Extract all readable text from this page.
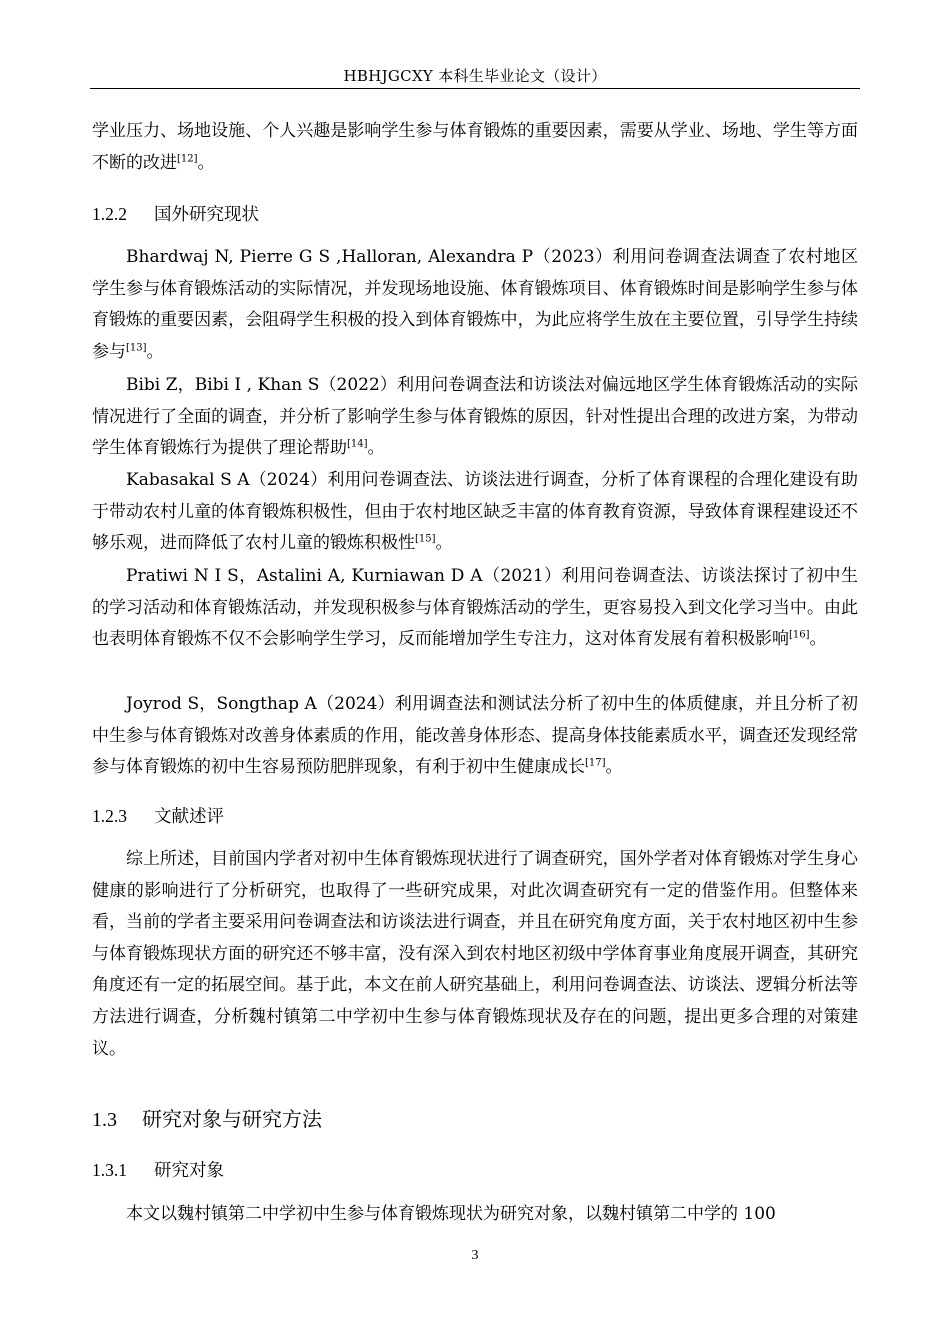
HBHJGCXY 本科生毕业论文（设计）
学业压力、场地设施、个人兴趣是影响学生参与体育锻炼的重要因素，需要从学业、场地、学生等方面不断的改进[12]。
1.2.2 国外研究现状
Bhardwaj N, Pierre G S ,Halloran, Alexandra P（2023）利用问卷调查法调查了农村地区学生参与体育锻炼活动的实际情况，并发现场地设施、体育锻炼项目、体育锻炼时间是影响学生参与体育锻炼的重要因素，会阻碍学生积极的投入到体育锻炼中，为此应将学生放在主要位置，引导学生持续参与[13]。
Bibi Z，Bibi I , Khan S（2022）利用问卷调查法和访谈法对偏远地区学生体育锻炼活动的实际情况进行了全面的调查，并分析了影响学生参与体育锻炼的原因，针对性提出合理的改进方案，为带动学生体育锻炼行为提供了理论帮助[14]。
Kabasakal S A（2024）利用问卷调查法、访谈法进行调查，分析了体育课程的合理化建设有助于带动农村儿童的体育锻炼积极性，但由于农村地区缺乏丰富的体育教育资源，导致体育课程建设还不够乐观，进而降低了农村儿童的锻炼积极性[15]。
Pratiwi N I S，Astalini A, Kurniawan D A（2021）利用问卷调查法、访谈法探讨了初中生的学习活动和体育锻炼活动，并发现积极参与体育锻炼活动的学生，更容易投入到文化学习当中。由此也表明体育锻炼不仅不会影响学生学习，反而能增加学生专注力，这对体育发展有着积极影响[16]。
Joyrod S，Songthap A（2024）利用调查法和测试法分析了初中生的体质健康，并且分析了初中生参与体育锻炼对改善身体素质的作用，能改善身体形态、提高身体技能素质水平，调查还发现经常参与体育锻炼的初中生容易预防肥胖现象，有利于初中生健康成长[17]。
1.2.3 文献述评
综上所述，目前国内学者对初中生体育锻炼现状进行了调查研究，国外学者对体育锻炼对学生身心健康的影响进行了分析研究，也取得了一些研究成果，对此次调查研究有一定的借鉴作用。但整体来看，当前的学者主要采用问卷调查法和访谈法进行调查，并且在研究角度方面，关于农村地区初中生参与体育锻炼现状方面的研究还不够丰富，没有深入到农村地区初级中学体育事业角度展开调查，其研究角度还有一定的拓展空间。基于此，本文在前人研究基础上，利用问卷调查法、访谈法、逻辑分析法等方法进行调查，分析魏村镇第二中学初中生参与体育锻炼现状及存在的问题，提出更多合理的对策建议。
1.3 研究对象与研究方法
1.3.1 研究对象
本文以魏村镇第二中学初中生参与体育锻炼现状为研究对象，以魏村镇第二中学的 100
3
